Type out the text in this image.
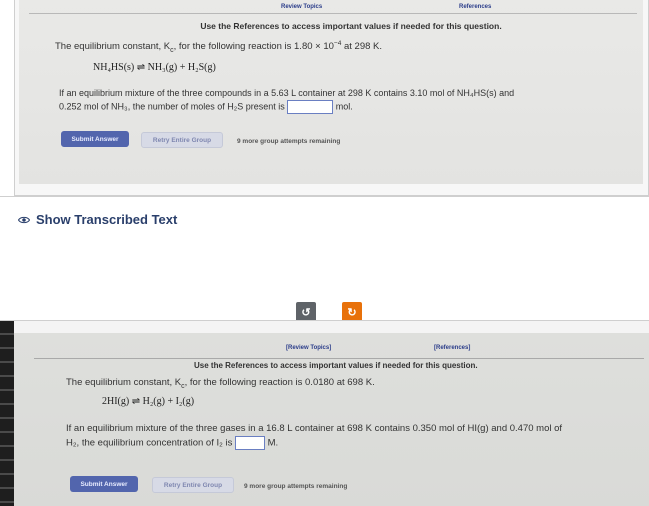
Review Topics	References
Use the References to access important values if needed for this question.
The equilibrium constant, $K_c$, for the following reaction is $1.80 \times 10^{-4}$ at 298 K.
NH₄HS(s) ⇌ NH₃(g) + H₂S(g)
If an equilibrium mixture of the three compounds in a 5.63 L container at 298 K contains 3.10 mol of NH₄HS(s) and
0.252 mol of NH₃, the number of moles of H₂S present is	mol.
Submit Answer	Retry Entire Group	9 more group attempts remaining
Show Transcribed Text
↺	↻
[Review Topics]	[References]
Use the References to access important values if needed for this question.
The equilibrium constant, $K_c$, for the following reaction is 0.0180 at 698 K.
2HI(g) ⇌ H₂(g) + I₂(g)
If an equilibrium mixture of the three gases in a 16.8 L container at 698 K contains 0.350 mol of HI(g) and 0.470 mol of
H₂, the equilibrium concentration of I₂ is	M.
Submit Answer	Retry Entire Group	9 more group attempts remaining
